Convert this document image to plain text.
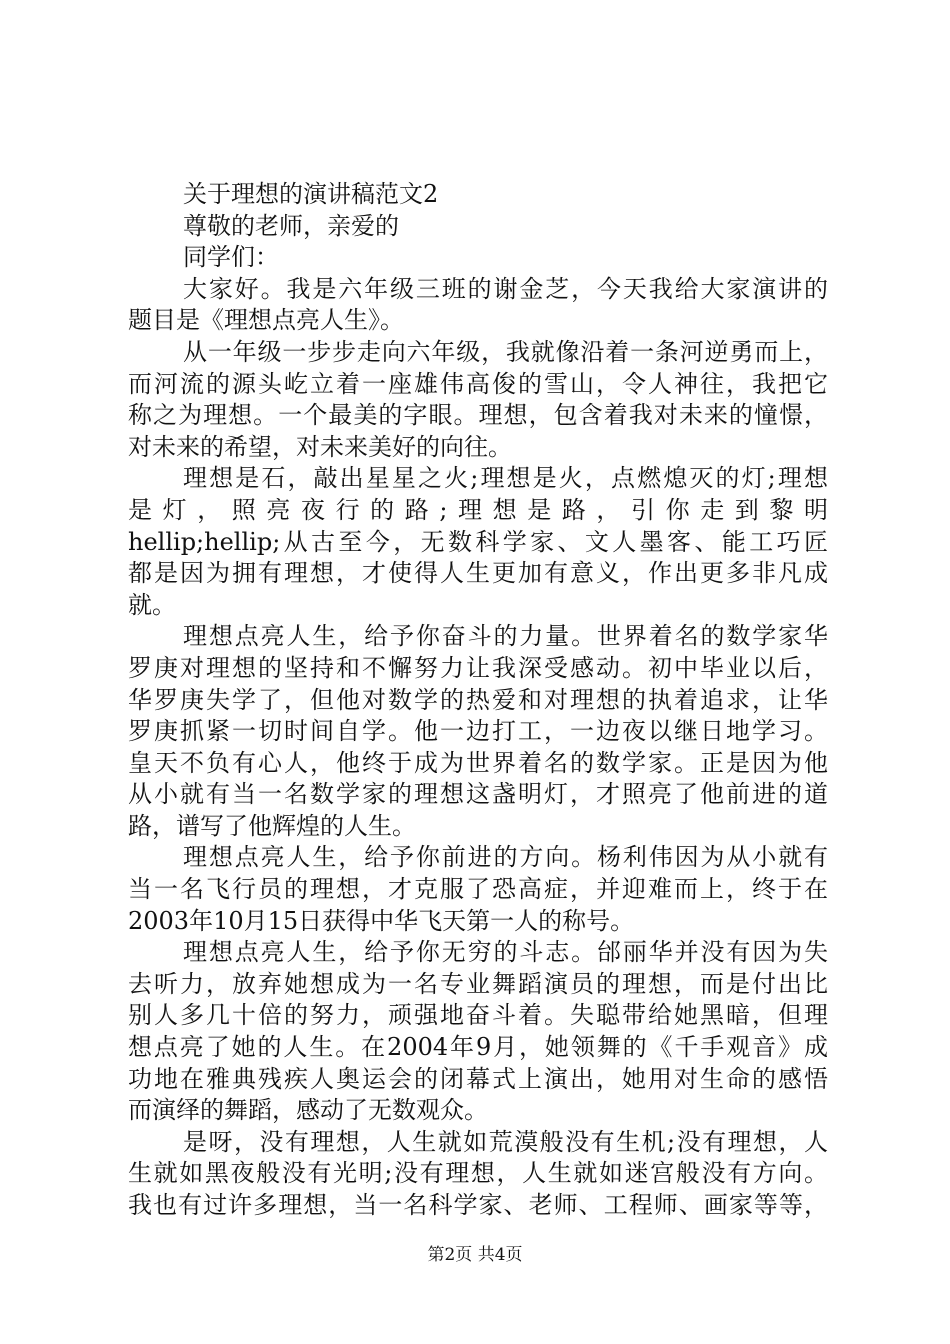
关于理想的演讲稿范文2
尊敬的老师，亲爱的
同学们：
大家好。我是六年级三班的谢金芝，今天我给大家演讲的
题目是《理想点亮人生》。
从一年级一步步走向六年级，我就像沿着一条河逆勇而上，
而河流的源头屹立着一座雄伟高俊的雪山，令人神往，我把它
称之为理想。一个最美的字眼。理想，包含着我对未来的憧憬，
对未来的希望，对未来美好的向往。
理想是石，敲出星星之火;理想是火，点燃熄灭的灯;理想
是灯，照亮夜行的路;理想是路，引你走到黎明
hellip;hellip;从古至今，无数科学家、文人墨客、能工巧匠
都是因为拥有理想，才使得人生更加有意义，作出更多非凡成
就。
理想点亮人生，给予你奋斗的力量。世界着名的数学家华
罗庚对理想的坚持和不懈努力让我深受感动。初中毕业以后，
华罗庚失学了，但他对数学的热爱和对理想的执着追求，让华
罗庚抓紧一切时间自学。他一边打工，一边夜以继日地学习。
皇天不负有心人，他终于成为世界着名的数学家。正是因为他
从小就有当一名数学家的理想这盏明灯，才照亮了他前进的道
路，谱写了他辉煌的人生。
理想点亮人生，给予你前进的方向。杨利伟因为从小就有
当一名飞行员的理想，才克服了恐高症，并迎难而上，终于在
2003年10月15日获得中华飞天第一人的称号。
理想点亮人生，给予你无穷的斗志。邰丽华并没有因为失
去听力，放弃她想成为一名专业舞蹈演员的理想，而是付出比
别人多几十倍的努力，顽强地奋斗着。失聪带给她黑暗，但理
想点亮了她的人生。在2004年9月，她领舞的《千手观音》成
功地在雅典残疾人奥运会的闭幕式上演出，她用对生命的感悟
而演绎的舞蹈，感动了无数观众。
是呀，没有理想，人生就如荒漠般没有生机;没有理想，人
生就如黑夜般没有光明;没有理想，人生就如迷宫般没有方向。
我也有过许多理想，当一名科学家、老师、工程师、画家等等，
第2页 共4页
